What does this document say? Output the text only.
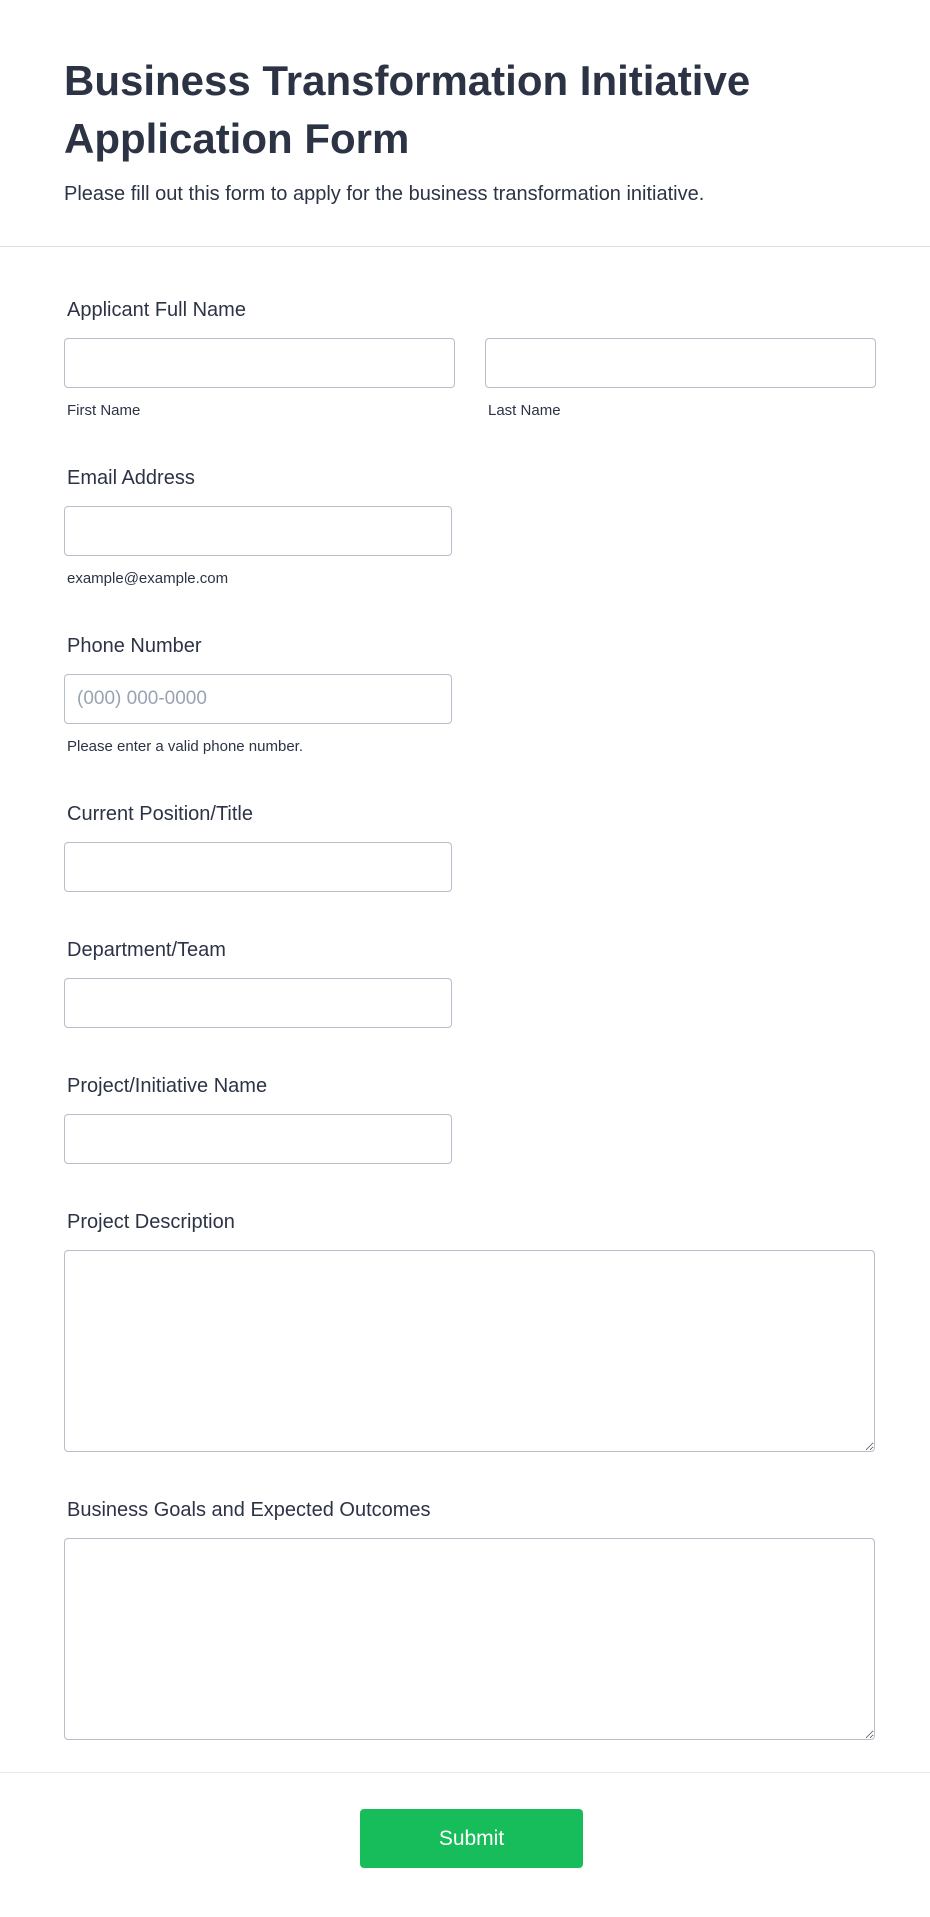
Business Transformation Initiative Application Form

Please fill out this form to apply for the business transformation initiative.

Applicant Full Name
First Name	Last Name
Email Address
example@example.com
Phone Number
(000) 000-0000
Please enter a valid phone number.
Current Position/Title
Department/Team
Project/Initiative Name
Project Description
Business Goals and Expected Outcomes
Submit
